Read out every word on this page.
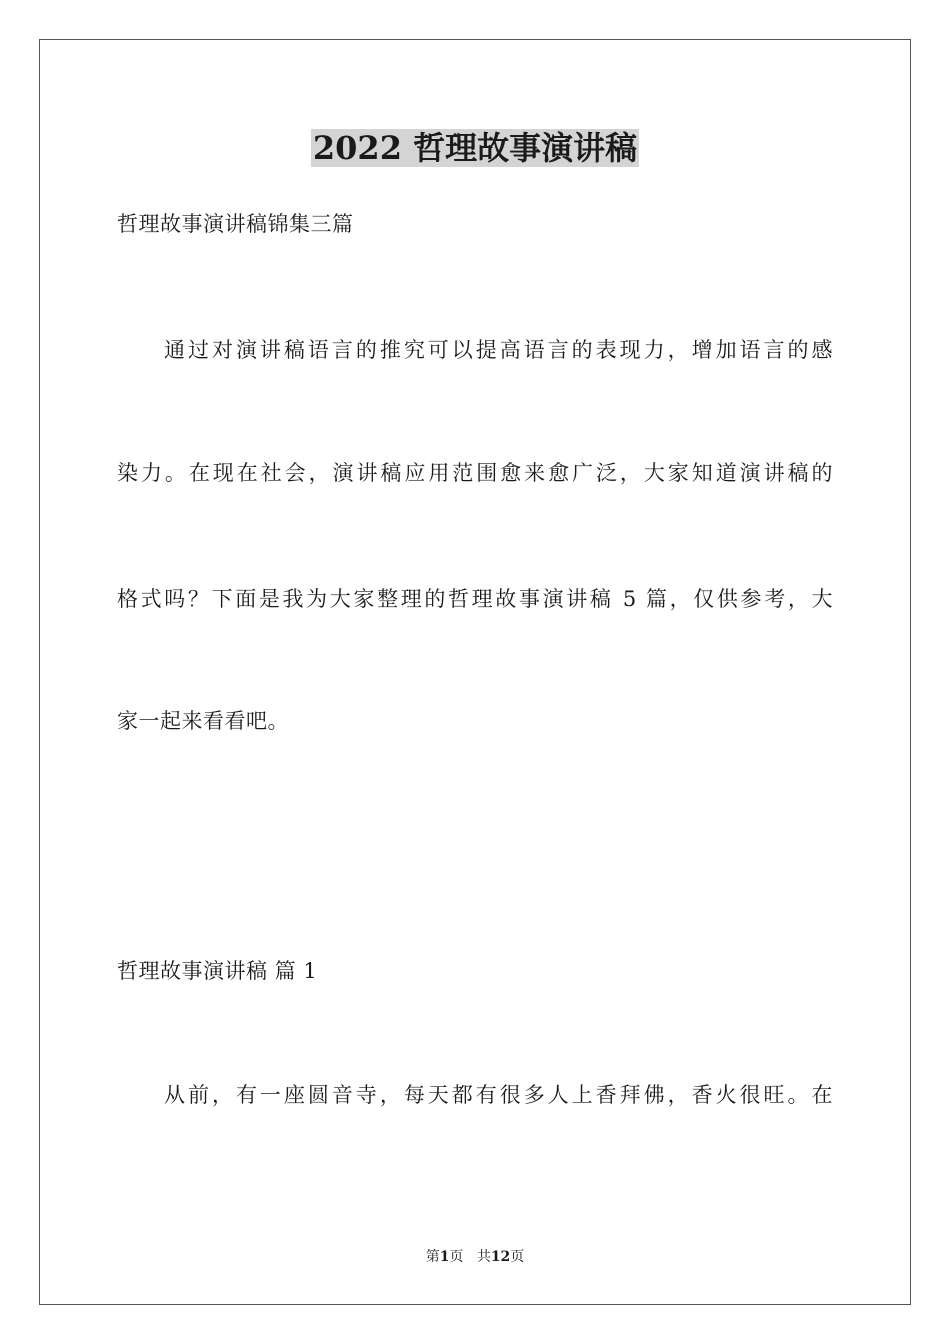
2022 哲理故事演讲稿

哲理故事演讲稿锦集三篇

通过对演讲稿语言的推究可以提高语言的表现力，增加语言的感

染力。在现在社会，演讲稿应用范围愈来愈广泛，大家知道演讲稿的

格式吗？下面是我为大家整理的哲理故事演讲稿 5 篇，仅供参考，大

家一起来看看吧。

哲理故事演讲稿 篇 1

从前，有一座圆音寺，每天都有很多人上香拜佛，香火很旺。在

第1页 共12页
